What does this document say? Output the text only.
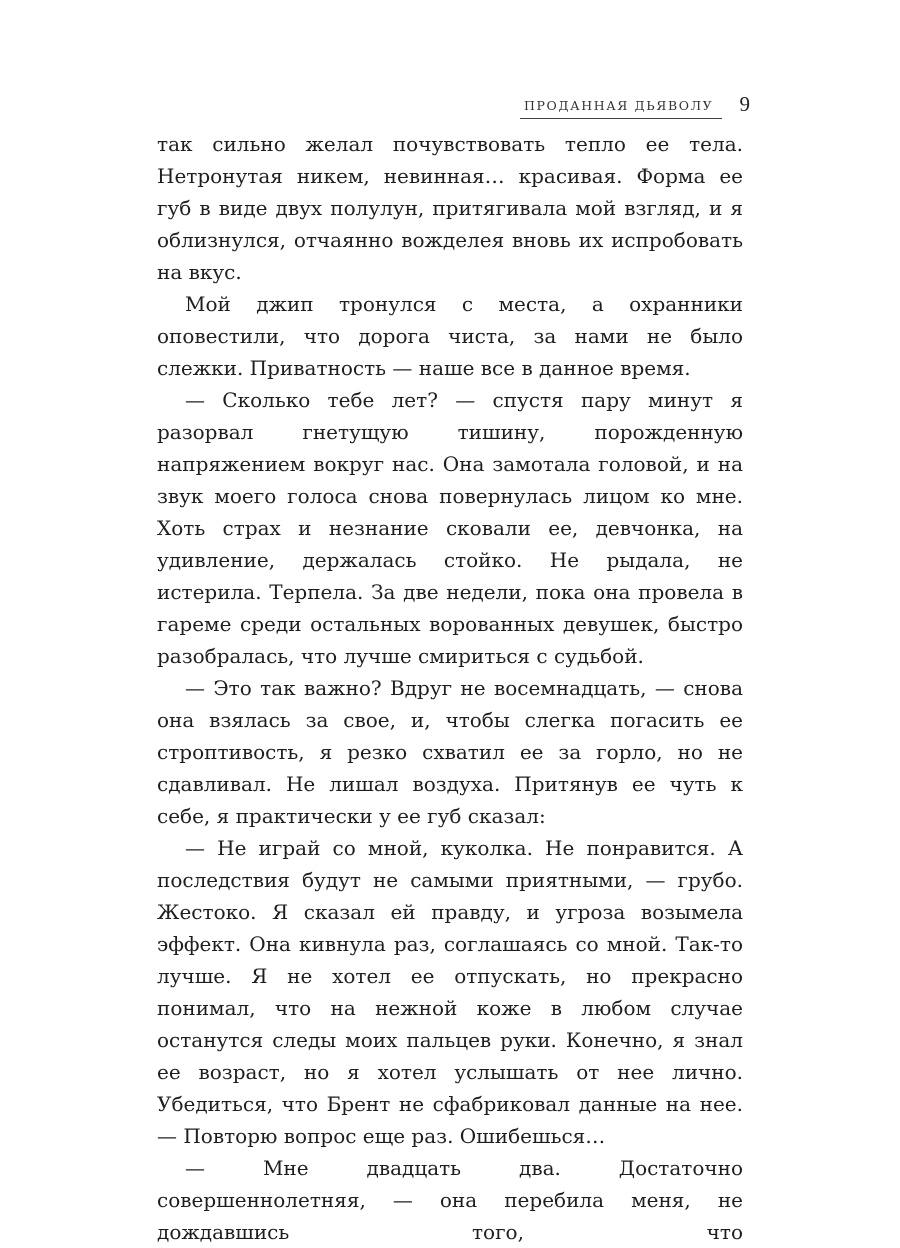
ПРОДАННАЯ ДЬЯВОЛУ 9

так сильно желал почувствовать тепло ее тела. Нетронутая никем, невинная… красивая. Форма ее губ в виде двух полулун, притягивала мой взгляд, и я облизнулся, отчаянно вожделея вновь их испробовать на вкус.

Мой джип тронулся с места, а охранники оповестили, что дорога чиста, за нами не было слежки. Приватность — наше все в данное время.

— Сколько тебе лет? — спустя пару минут я разорвал гнетущую тишину, порожденную напряжением вокруг нас. Она замотала головой, и на звук моего голоса снова повернулась лицом ко мне. Хоть страх и незнание сковали ее, девчонка, на удивление, держалась стойко. Не рыдала, не истерила. Терпела. За две недели, пока она провела в гареме среди остальных ворованных девушек, быстро разобралась, что лучше смириться с судьбой.

— Это так важно? Вдруг не восемнадцать, — снова она взялась за свое, и, чтобы слегка погасить ее строптивость, я резко схватил ее за горло, но не сдавливал. Не лишал воздуха. Притянув ее чуть к себе, я практически у ее губ сказал:

— Не играй со мной, куколка. Не понравится. А последствия будут не самыми приятными, — грубо. Жестоко. Я сказал ей правду, и угроза возымела эффект. Она кивнула раз, соглашаясь со мной. Так-то лучше. Я не хотел ее отпускать, но прекрасно понимал, что на нежной коже в любом случае останутся следы моих пальцев руки. Конечно, я знал ее возраст, но я хотел услышать от нее лично. Убедиться, что Брент не сфабриковал данные на нее. — Повторю вопрос еще раз. Ошибешься…

— Мне двадцать два. Достаточно совершеннолетняя, — она перебила меня, не дождавшись того, что
